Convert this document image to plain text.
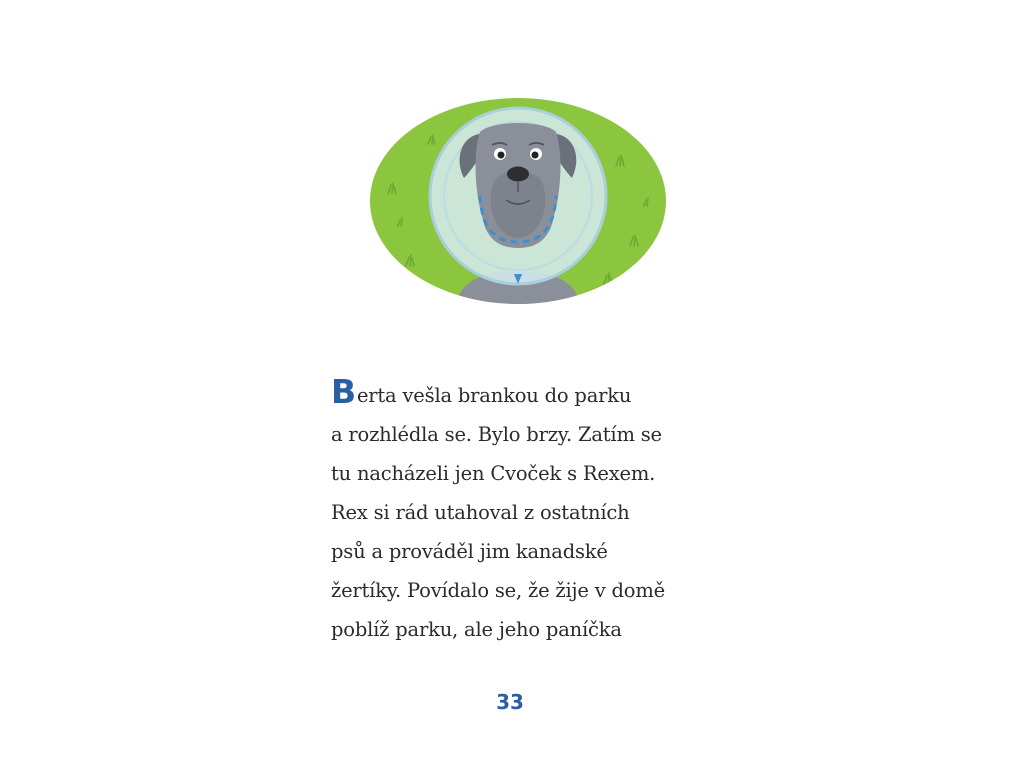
Berta vešla brankou do parku
a rozhlédla se. Bylo brzy. Zatím se
tu nacházeli jen Cvoček s Rexem.
Rex si rád utahoval z ostatních
psů a prováděl jim kanadské
žertíky. Povídalo se, že žije v domě
poblíž parku, ale jeho paníčka
33
